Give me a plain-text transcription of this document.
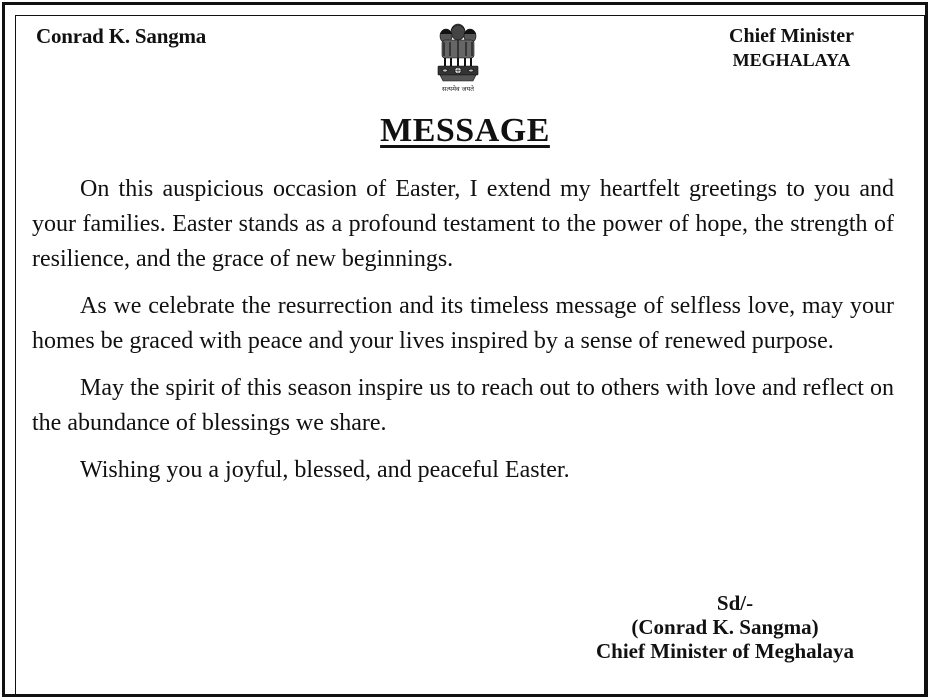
Conrad K. Sangma
सत्यमेव जयते
Chief Minister
MEGHALAYA
MESSAGE

On this auspicious occasion of Easter, I extend my heartfelt greetings to you and your families. Easter stands as a profound testament to the power of hope, the strength of resilience, and the grace of new beginnings.

As we celebrate the resurrection and its timeless message of selfless love, may your homes be graced with peace and your lives inspired by a sense of renewed purpose.

May the spirit of this season inspire us to reach out to others with love and reflect on the abundance of blessings we share.

Wishing you a joyful, blessed, and peaceful Easter.

Sd/-
(Conrad K. Sangma)
Chief Minister of Meghalaya
